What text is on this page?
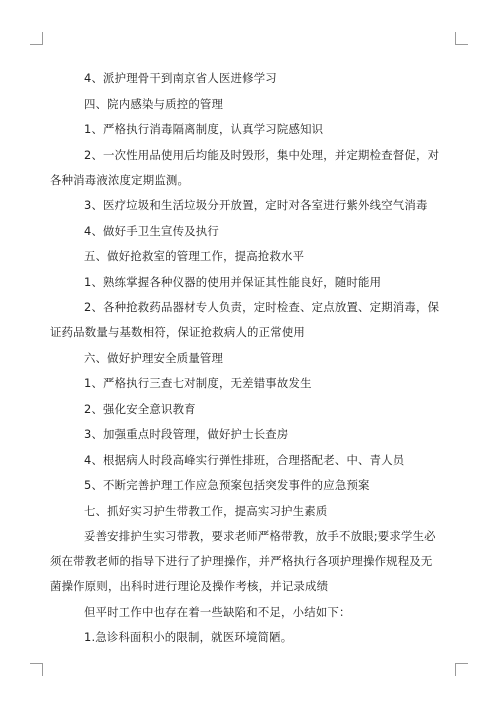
4、派护理骨干到南京省人医进修学习

四、院内感染与质控的管理

1、严格执行消毒隔离制度，认真学习院感知识

2、一次性用品使用后均能及时毁形，集中处理，并定期检查督促，对各种消毒液浓度定期监测。

3、医疗垃圾和生活垃圾分开放置，定时对各室进行紫外线空气消毒

4、做好手卫生宣传及执行

五、做好抢救室的管理工作，提高抢救水平

1、熟练掌握各种仪器的使用并保证其性能良好，随时能用

2、各种抢救药品器材专人负责，定时检查、定点放置、定期消毒，保证药品数量与基数相符，保证抢救病人的正常使用

六、做好护理安全质量管理

1、严格执行三查七对制度，无差错事故发生

2、强化安全意识教育

3、加强重点时段管理，做好护士长查房

4、根据病人时段高峰实行弹性排班，合理搭配老、中、青人员

5、不断完善护理工作应急预案包括突发事件的应急预案

七、抓好实习护生带教工作，提高实习护生素质

妥善安排护生实习带教，要求老师严格带教，放手不放眼;要求学生必须在带教老师的指导下进行了护理操作，并严格执行各项护理操作规程及无菌操作原则，出科时进行理论及操作考核，并记录成绩

但平时工作中也存在着一些缺陷和不足，小结如下：

1.急诊科面积小的限制，就医环境简陋。
